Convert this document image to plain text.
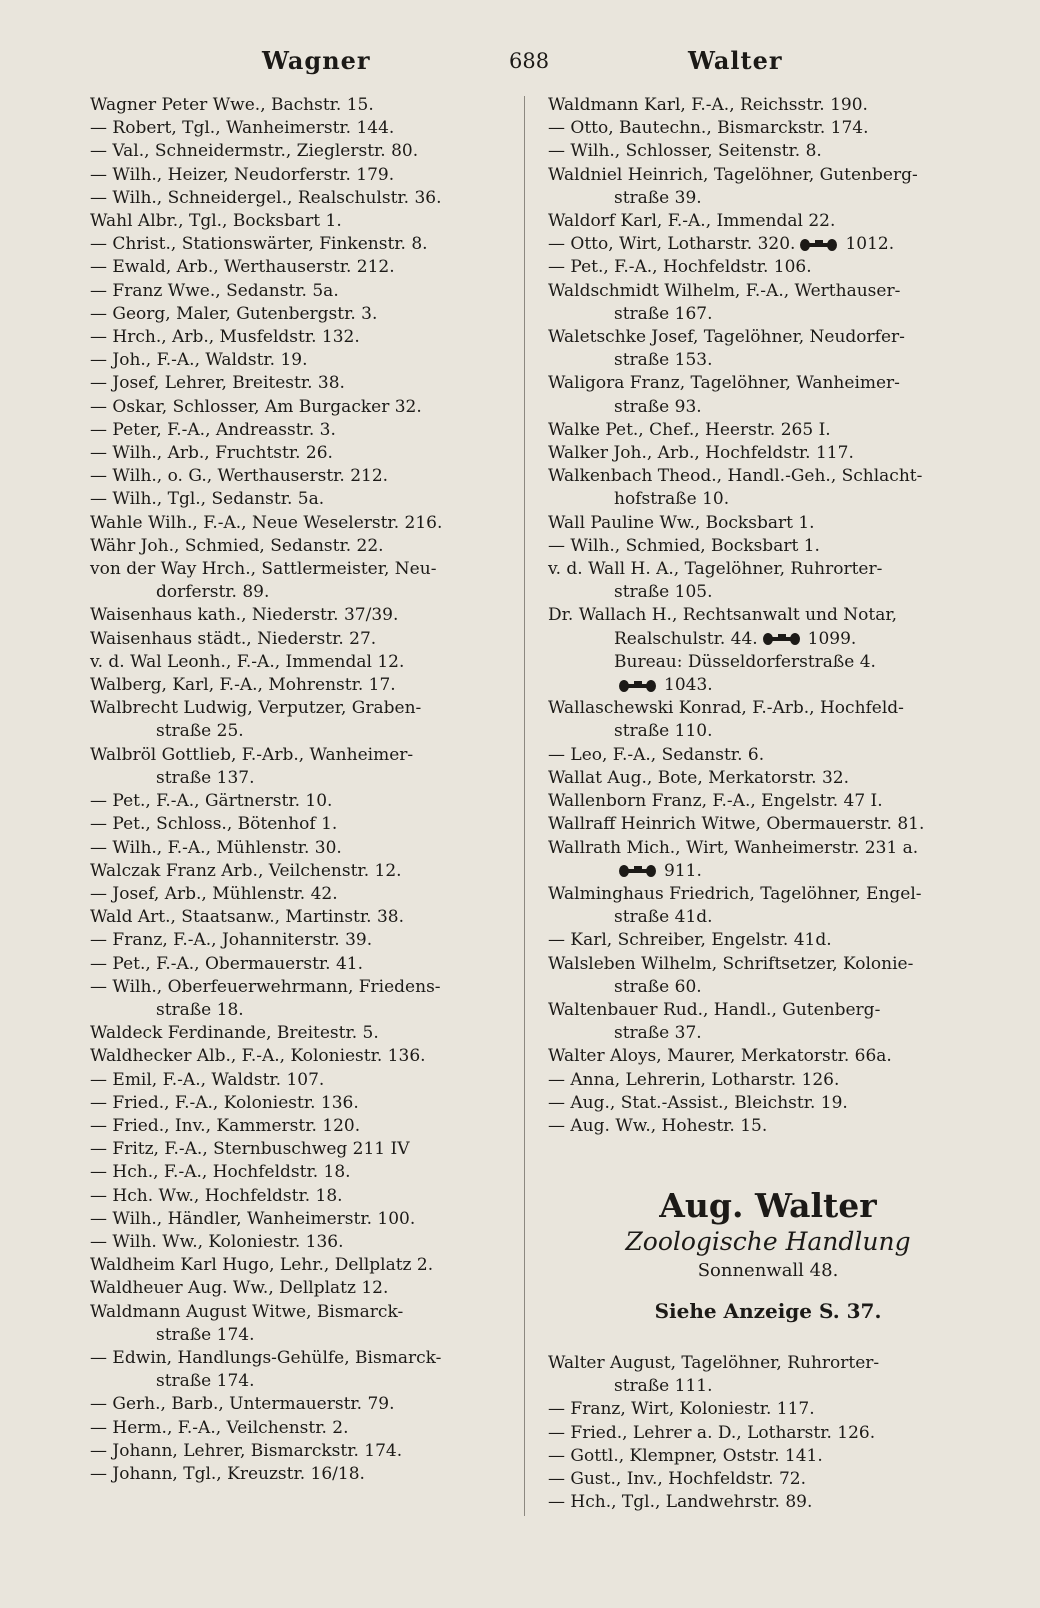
Wagner	688	Walter

Wagner Peter Wwe., Bachstr. 15.

— Robert, Tgl., Wanheimerstr. 144.

— Val., Schneidermstr., Zieglerstr. 80.

— Wilh., Heizer, Neudorferstr. 179.

— Wilh., Schneidergel., Realschulstr. 36.

Wahl Albr., Tgl., Bocksbart 1.

— Christ., Stationswärter, Finkenstr. 8.

— Ewald, Arb., Werthauserstr. 212.

— Franz Wwe., Sedanstr. 5a.

— Georg, Maler, Gutenbergstr. 3.

— Hrch., Arb., Musfeldstr. 132.

— Joh., F.-A., Waldstr. 19.

— Josef, Lehrer, Breitestr. 38.

— Oskar, Schlosser, Am Burgacker 32.

— Peter, F.-A., Andreasstr. 3.

— Wilh., Arb., Fruchtstr. 26.

— Wilh., o. G., Werthauserstr. 212.

— Wilh., Tgl., Sedanstr. 5a.

Wahle Wilh., F.-A., Neue Weselerstr. 216.

Währ Joh., Schmied, Sedanstr. 22.

von der Way Hrch., Sattlermeister, Neu-

dorferstr. 89.

Waisenhaus kath., Niederstr. 37/39.

Waisenhaus städt., Niederstr. 27.

v. d. Wal Leonh., F.-A., Immendal 12.

Walberg, Karl, F.-A., Mohrenstr. 17.

Walbrecht Ludwig, Verputzer, Graben-

straße 25.

Walbröl Gottlieb, F.-Arb., Wanheimer-

straße 137.

— Pet., F.-A., Gärtnerstr. 10.

— Pet., Schloss., Bötenhof 1.

— Wilh., F.-A., Mühlenstr. 30.

Walczak Franz Arb., Veilchenstr. 12.

— Josef, Arb., Mühlenstr. 42.

Wald Art., Staatsanw., Martinstr. 38.

— Franz, F.-A., Johanniterstr. 39.

— Pet., F.-A., Obermauerstr. 41.

— Wilh., Oberfeuerwehrmann, Friedens-

straße 18.

Waldeck Ferdinande, Breitestr. 5.

Waldhecker Alb., F.-A., Koloniestr. 136.

— Emil, F.-A., Waldstr. 107.

— Fried., F.-A., Koloniestr. 136.

— Fried., Inv., Kammerstr. 120.

— Fritz, F.-A., Sternbuschweg 211 IV

— Hch., F.-A., Hochfeldstr. 18.

— Hch. Ww., Hochfeldstr. 18.

— Wilh., Händler, Wanheimerstr. 100.

— Wilh. Ww., Koloniestr. 136.

Waldheim Karl Hugo, Lehr., Dellplatz 2.

Waldheuer Aug. Ww., Dellplatz 12.

Waldmann August Witwe, Bismarck-

straße 174.

— Edwin, Handlungs-Gehülfe, Bismarck-

straße 174.

— Gerh., Barb., Untermauerstr. 79.

— Herm., F.-A., Veilchenstr. 2.

— Johann, Lehrer, Bismarckstr. 174.

— Johann, Tgl., Kreuzstr. 16/18.

Waldmann Karl, F.-A., Reichsstr. 190.

— Otto, Bautechn., Bismarckstr. 174.

— Wilh., Schlosser, Seitenstr. 8.

Waldniel Heinrich, Tagelöhner, Gutenberg-

straße 39.

Waldorf Karl, F.-A., Immendal 22.

— Otto, Wirt, Lotharstr. 320.	1012.

— Pet., F.-A., Hochfeldstr. 106.

Waldschmidt Wilhelm, F.-A., Werthauser-

straße 167.

Waletschke Josef, Tagelöhner, Neudorfer-

straße 153.

Waligora Franz, Tagelöhner, Wanheimer-

straße 93.

Walke Pet., Chef., Heerstr. 265 I.

Walker Joh., Arb., Hochfeldstr. 117.

Walkenbach Theod., Handl.-Geh., Schlacht-

hofstraße 10.

Wall Pauline Ww., Bocksbart 1.

— Wilh., Schmied, Bocksbart 1.

v. d. Wall H. A., Tagelöhner, Ruhrorter-

straße 105.

Dr. Wallach H., Rechtsanwalt und Notar,

Realschulstr. 44.	1099.

Bureau: Düsseldorferstraße 4.

1043.

Wallaschewski Konrad, F.-Arb., Hochfeld-

straße 110.

— Leo, F.-A., Sedanstr. 6.

Wallat Aug., Bote, Merkatorstr. 32.

Wallenborn Franz, F.-A., Engelstr. 47 I.

Wallraff Heinrich Witwe, Obermauerstr. 81.

Wallrath Mich., Wirt, Wanheimerstr. 231 a.

911.

Walminghaus Friedrich, Tagelöhner, Engel-

straße 41d.

— Karl, Schreiber, Engelstr. 41d.

Walsleben Wilhelm, Schriftsetzer, Kolonie-

straße 60.

Waltenbauer Rud., Handl., Gutenberg-

straße 37.

Walter Aloys, Maurer, Merkatorstr. 66a.

— Anna, Lehrerin, Lotharstr. 126.

— Aug., Stat.-Assist., Bleichstr. 19.

— Aug. Ww., Hohestr. 15.

Aug. Walter
Zoologische Handlung
Sonnenwall 48.
Siehe Anzeige S. 37.

Walter August, Tagelöhner, Ruhrorter-

straße 111.

— Franz, Wirt, Koloniestr. 117.

— Fried., Lehrer a. D., Lotharstr. 126.

— Gottl., Klempner, Oststr. 141.

— Gust., Inv., Hochfeldstr. 72.

— Hch., Tgl., Landwehrstr. 89.
